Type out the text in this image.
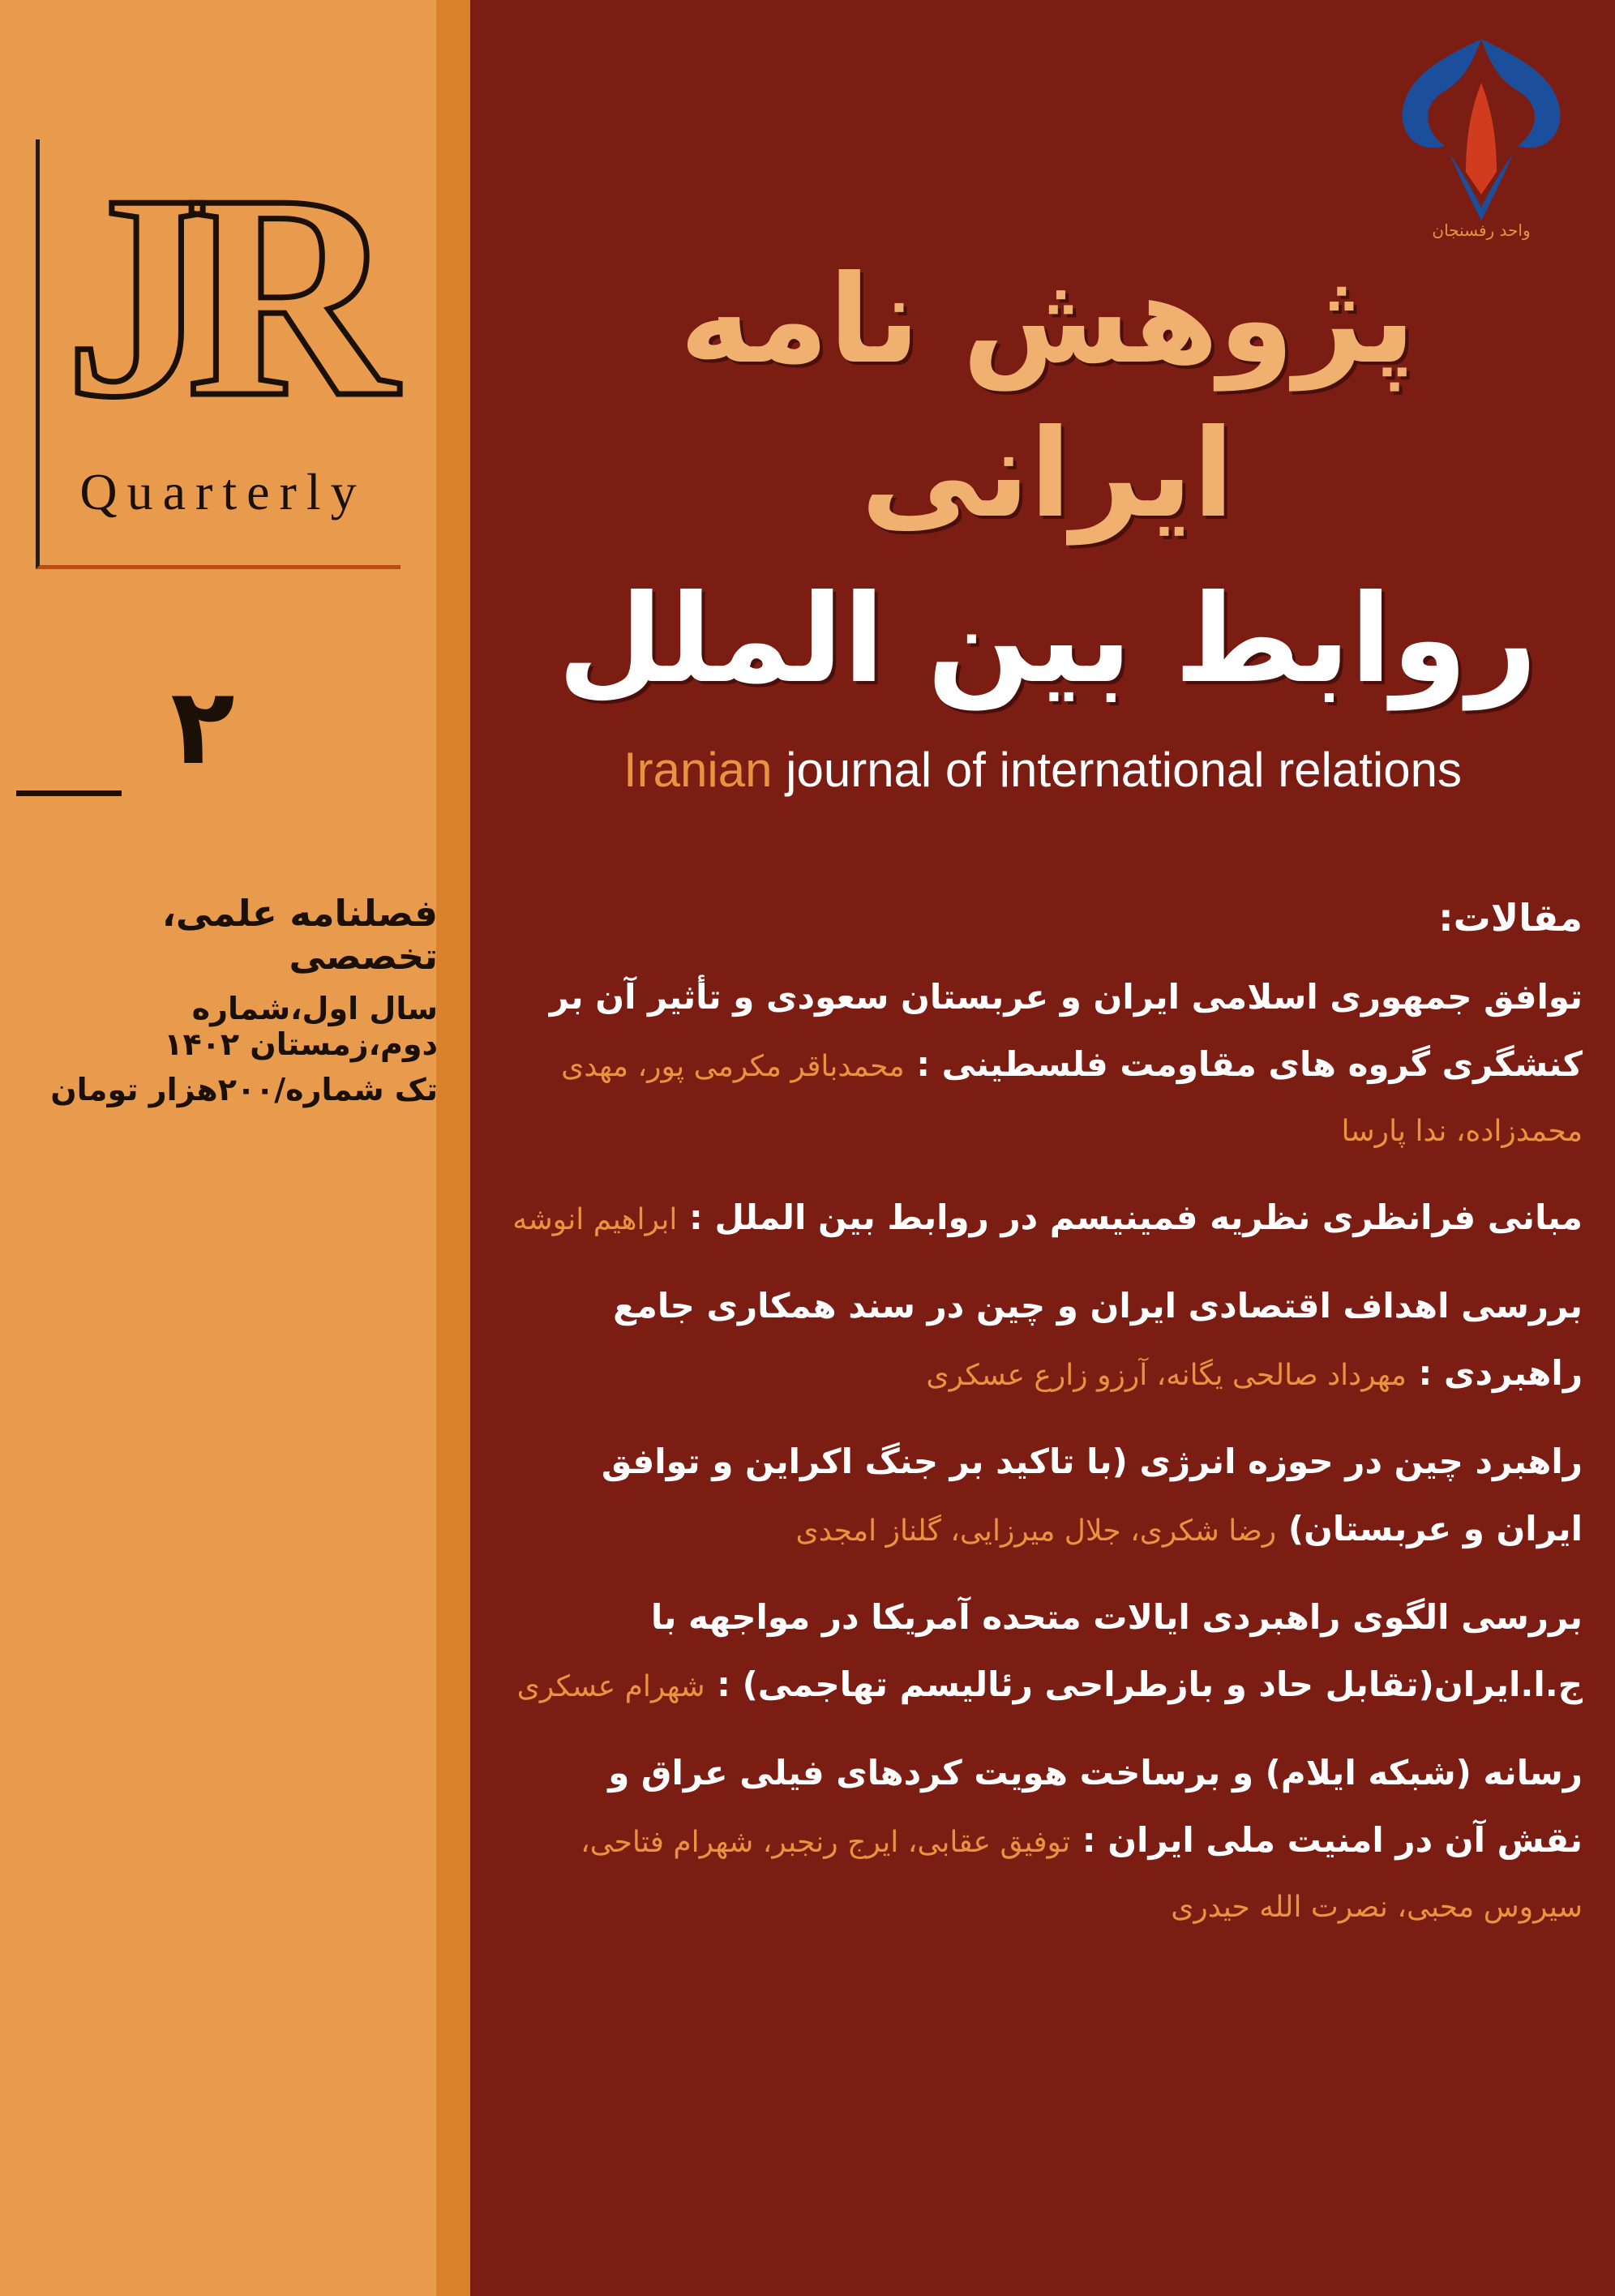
JR
Quarterly
۲
فصلنامه علمی، تخصصی
سال اول،شماره دوم،زمستان ۱۴۰۲
تک شماره/۲۰۰هزار تومان
واحد رفسنجان
پژوهش نامه ایرانی
روابط بین الملل
Iranian journal of international relations
مقالات:
توافق جمهوری اسلامی ایران و عربستان سعودی و تأثیر آن بر کنشگری گروه های مقاومت فلسطینی : محمدباقر مکرمی پور، مهدی محمدزاده، ندا پارسا
مبانی فرانظری نظریه فمینیسم در روابط بین الملل : ابراهیم انوشه
بررسی اهداف اقتصادی ایران و چین در سند همکاری جامع راهبردی : مهرداد صالحی یگانه، آرزو زارع عسکری
راهبرد چین در حوزه انرژی (با تاکید بر جنگ اکراین و توافق ایران و عربستان) رضا شکری، جلال میرزایی، گلناز امجدی
بررسی الگوی راهبردی ایالات متحده آمریکا در مواجهه با ج.ا.ایران(تقابل حاد و بازطراحی رئالیسم تهاجمی) : شهرام عسکری
رسانه (شبکه ایلام) و برساخت هویت کردهای فیلی عراق و نقش آن در امنیت ملی ایران : توفیق عقابی، ایرج رنجبر، شهرام فتاحی، سیروس محبی، نصرت الله حیدری
